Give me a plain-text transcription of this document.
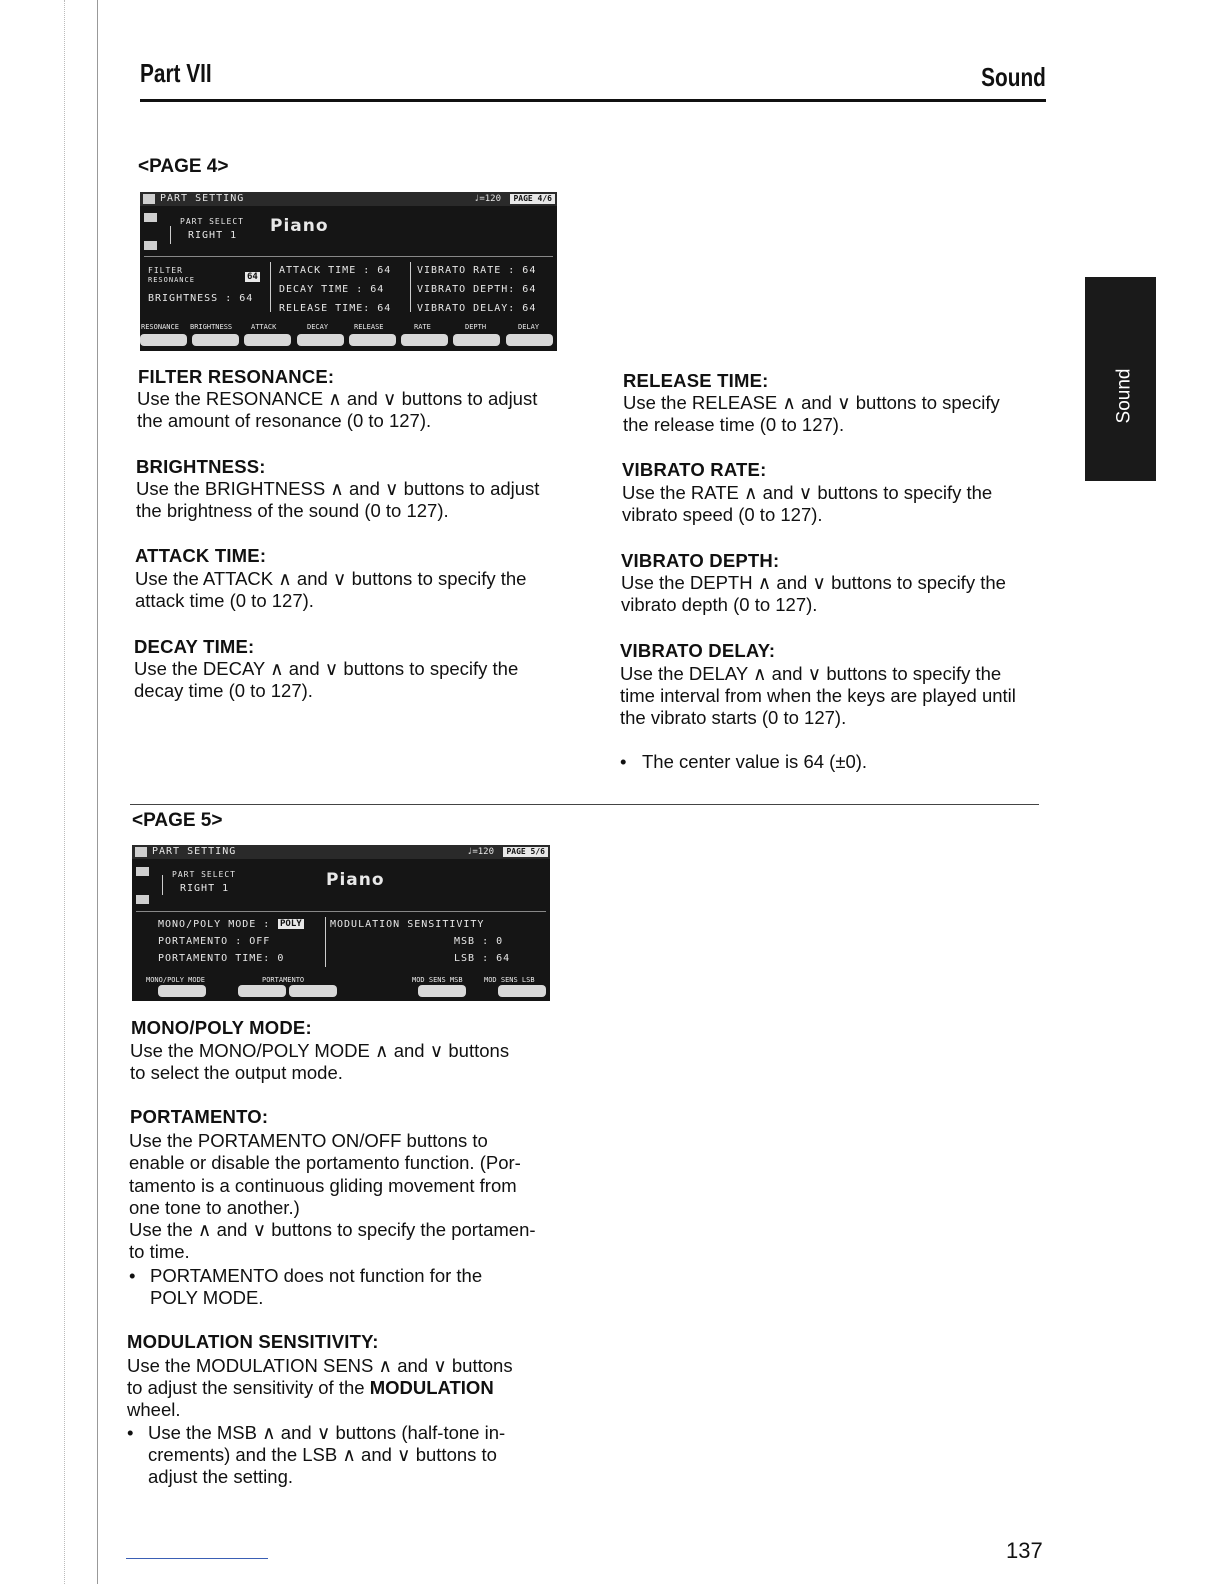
Part VII	Sound
Sound
<PAGE 4>
PART SETTING	♩=120	PAGE 4/6
PART SELECT
RIGHT 1 Piano
FILTER
RESONANCE	64
BRIGHTNESS : 64
ATTACK TIME : 64
DECAY TIME : 64
RELEASE TIME: 64
VIBRATO RATE : 64
VIBRATO DEPTH: 64
VIBRATO DELAY: 64
RESONANCE BRIGHTNESS	ATTACK	DECAY	RELEASE	RATE	DEPTH	DELAY
FILTER RESONANCE:
Use the RESONANCE ∧ and ∨ buttons to adjust
the amount of resonance (0 to 127).
BRIGHTNESS:
Use the BRIGHTNESS ∧ and ∨ buttons to adjust
the brightness of the sound (0 to 127).
ATTACK TIME:
Use the ATTACK ∧ and ∨ buttons to specify the
attack time (0 to 127).
DECAY TIME:
Use the DECAY ∧ and ∨ buttons to specify the
decay time (0 to 127).
RELEASE TIME:
Use the RELEASE ∧ and ∨ buttons to specify
the release time (0 to 127).
VIBRATO RATE:
Use the RATE ∧ and ∨ buttons to specify the
vibrato speed (0 to 127).
VIBRATO DEPTH:
Use the DEPTH ∧ and ∨ buttons to specify the
vibrato depth (0 to 127).
VIBRATO DELAY:
Use the DELAY ∧ and ∨ buttons to specify the
time interval from when the keys are played until
the vibrato starts (0 to 127).
• The center value is 64 (±0).
<PAGE 5>
PART SETTING	♩=120	PAGE 5/6
PART SELECT
RIGHT 1	Piano
MONO/POLY MODE : POLY
PORTAMENTO : OFF
PORTAMENTO TIME: 0
MODULATION SENSITIVITY
MSB : 0
LSB : 64
MONO/POLY MODE	PORTAMENTO	MOD SENS MSB	MOD SENS LSB
MONO/POLY MODE:
Use the MONO/POLY MODE ∧ and ∨ buttons
to select the output mode.
PORTAMENTO:
Use the PORTAMENTO ON/OFF buttons to
enable or disable the portamento function. (Por-
tamento is a continuous gliding movement from
one tone to another.)
Use the ∧ and ∨ buttons to specify the portamen-
to time.
• PORTAMENTO does not function for the
POLY MODE.
MODULATION SENSITIVITY:
Use the MODULATION SENS ∧ and ∨ buttons
to adjust the sensitivity of the MODULATION
wheel.
• Use the MSB ∧ and ∨ buttons (half-tone in-
crements) and the LSB ∧ and ∨ buttons to
adjust the setting.
137
